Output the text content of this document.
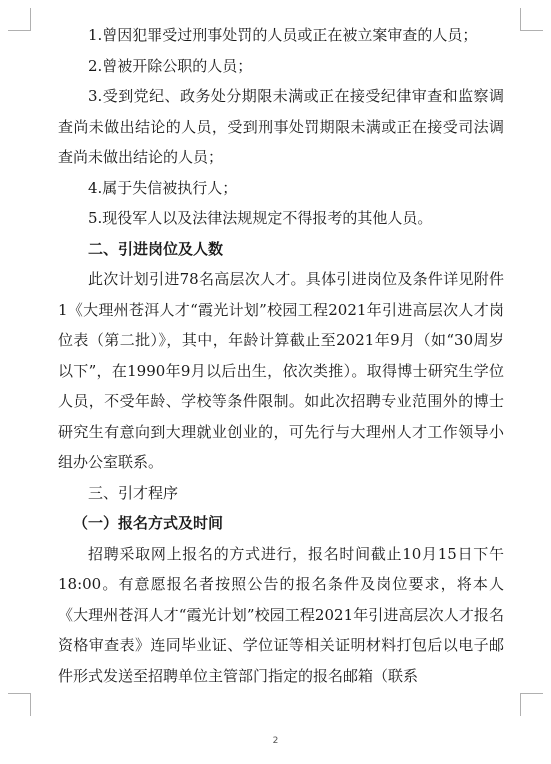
1.曾因犯罪受过刑事处罚的人员或正在被立案审查的人员；

2.曾被开除公职的人员；

3.受到党纪、政务处分期限未满或正在接受纪律审查和监察调查尚未做出结论的人员，受到刑事处罚期限未满或正在接受司法调查尚未做出结论的人员；

4.属于失信被执行人；

5.现役军人以及法律法规规定不得报考的其他人员。

二、引进岗位及人数

此次计划引进78名高层次人才。具体引进岗位及条件详见附件1《大理州苍洱人才“霞光计划”校园工程2021年引进高层次人才岗位表（第二批）》，其中，年龄计算截止至2021年9月（如“30周岁以下”，在1990年9月以后出生，依次类推）。取得博士研究生学位人员，不受年龄、学校等条件限制。如此次招聘专业范围外的博士研究生有意向到大理就业创业的，可先行与大理州人才工作领导小组办公室联系。

三、引才程序

（一）报名方式及时间

招聘采取网上报名的方式进行，报名时间截止10月15日下午18:00。有意愿报名者按照公告的报名条件及岗位要求，将本人《大理州苍洱人才“霞光计划”校园工程2021年引进高层次人才报名资格审查表》连同毕业证、学位证等相关证明材料打包后以电子邮件形式发送至招聘单位主管部门指定的报名邮箱（联系

2
